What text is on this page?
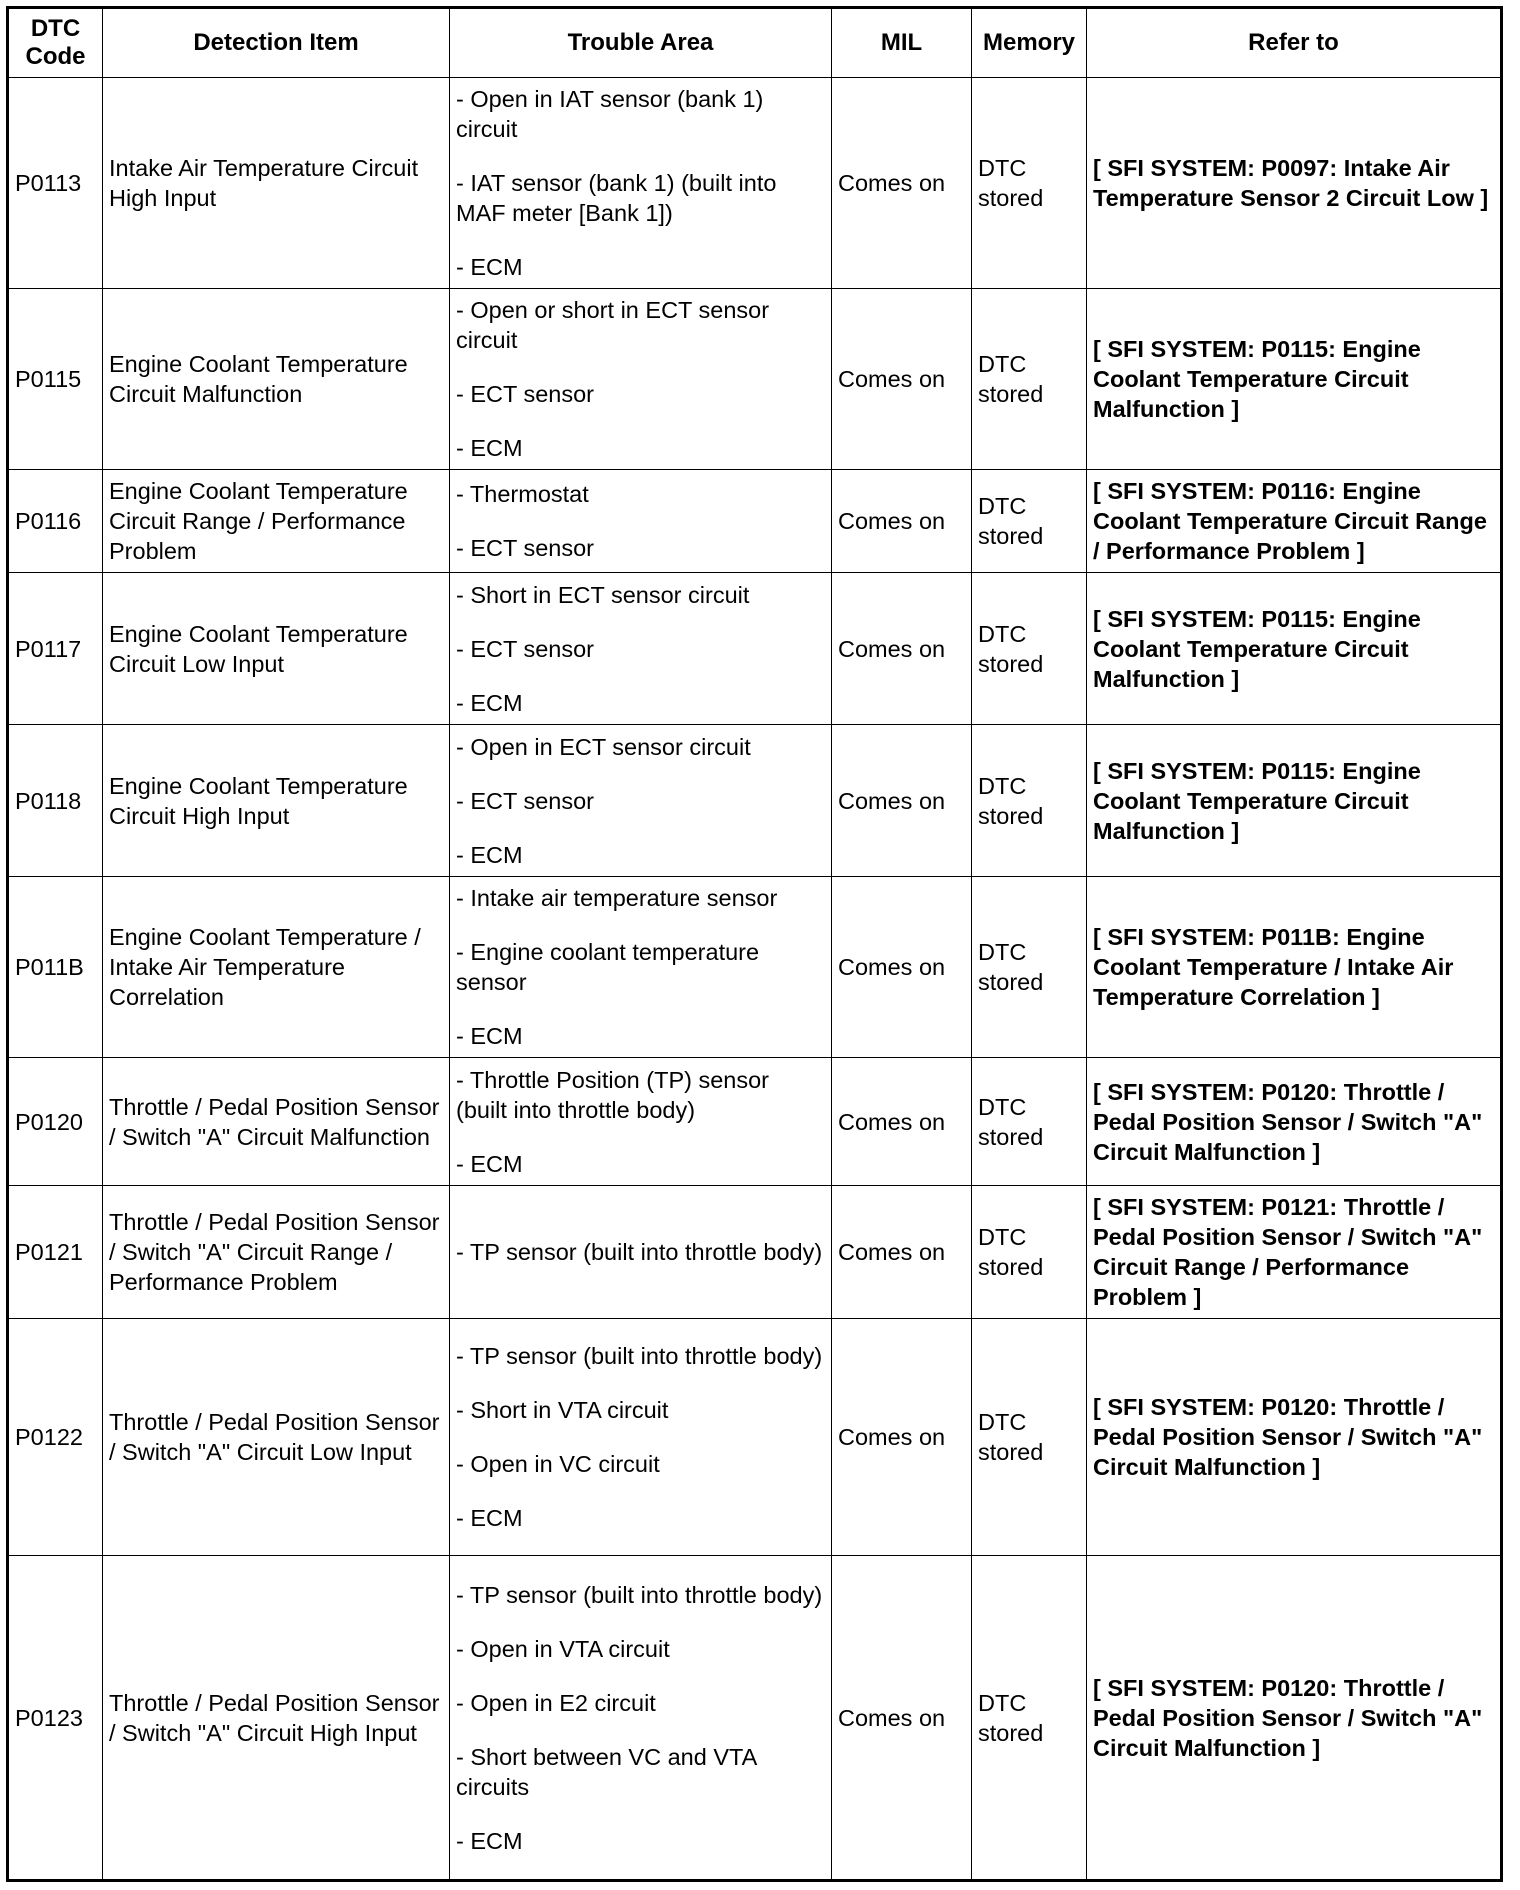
DTC Code	Detection Item	Trouble Area	MIL	Memory	Refer to
P0113	Intake Air Temperature Circuit High Input	- Open in IAT sensor (bank 1) circuit
- IAT sensor (bank 1) (built into MAF meter [Bank 1])
- ECM	Comes on	DTC stored	[ SFI SYSTEM: P0097: Intake Air Temperature Sensor 2 Circuit Low ]
P0115	Engine Coolant Temperature Circuit Malfunction	- Open or short in ECT sensor circuit
- ECT sensor
- ECM	Comes on	DTC stored	[ SFI SYSTEM: P0115: Engine Coolant Temperature Circuit Malfunction ]
P0116	Engine Coolant Temperature Circuit Range / Performance Problem	- Thermostat
- ECT sensor	Comes on	DTC stored	[ SFI SYSTEM: P0116: Engine Coolant Temperature Circuit Range / Performance Problem ]
P0117	Engine Coolant Temperature Circuit Low Input	- Short in ECT sensor circuit
- ECT sensor
- ECM	Comes on	DTC stored	[ SFI SYSTEM: P0115: Engine Coolant Temperature Circuit Malfunction ]
P0118	Engine Coolant Temperature Circuit High Input	- Open in ECT sensor circuit
- ECT sensor
- ECM	Comes on	DTC stored	[ SFI SYSTEM: P0115: Engine Coolant Temperature Circuit Malfunction ]
P011B	Engine Coolant Temperature / Intake Air Temperature Correlation	- Intake air temperature sensor
- Engine coolant temperature sensor
- ECM	Comes on	DTC stored	[ SFI SYSTEM: P011B: Engine Coolant Temperature / Intake Air Temperature Correlation ]
P0120	Throttle / Pedal Position Sensor / Switch "A" Circuit Malfunction	- Throttle Position (TP) sensor (built into throttle body)
- ECM	Comes on	DTC stored	[ SFI SYSTEM: P0120: Throttle / Pedal Position Sensor / Switch "A" Circuit Malfunction ]
P0121	Throttle / Pedal Position Sensor / Switch "A" Circuit Range / Performance Problem	- TP sensor (built into throttle body)	Comes on	DTC stored	[ SFI SYSTEM: P0121: Throttle / Pedal Position Sensor / Switch "A" Circuit Range / Performance Problem ]
P0122	Throttle / Pedal Position Sensor / Switch "A" Circuit Low Input	- TP sensor (built into throttle body)
- Short in VTA circuit
- Open in VC circuit
- ECM	Comes on	DTC stored	[ SFI SYSTEM: P0120: Throttle / Pedal Position Sensor / Switch "A" Circuit Malfunction ]
P0123	Throttle / Pedal Position Sensor / Switch "A" Circuit High Input	- TP sensor (built into throttle body)
- Open in VTA circuit
- Open in E2 circuit
- Short between VC and VTA circuits
- ECM	Comes on	DTC stored	[ SFI SYSTEM: P0120: Throttle / Pedal Position Sensor / Switch "A" Circuit Malfunction ]
